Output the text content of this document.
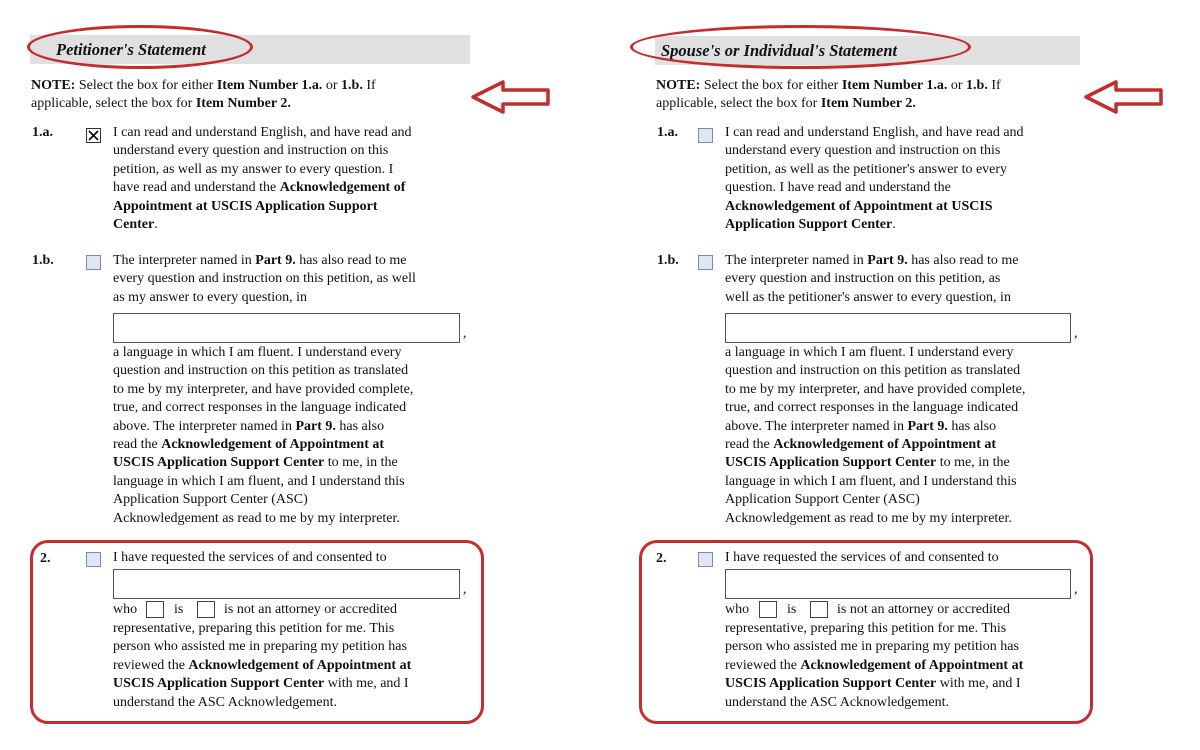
Petitioner's Statement
NOTE: Select the box for either Item Number 1.a. or 1.b. If
applicable, select the box for Item Number 2.
1.a.	I can read and understand English, and have read and
understand every question and instruction on this
petition, as well as my answer to every question. I
have read and understand the Acknowledgement of
Appointment at USCIS Application Support
Center.
1.b.	The interpreter named in Part 9. has also read to me
every question and instruction on this petition, as well
as my answer to every question, in
,
a language in which I am fluent. I understand every
question and instruction on this petition as translated
to me by my interpreter, and have provided complete,
true, and correct responses in the language indicated
above. The interpreter named in Part 9. has also
read the Acknowledgement of Appointment at
USCIS Application Support Center to me, in the
language in which I am fluent, and I understand this
Application Support Center (ASC)
Acknowledgement as read to me by my interpreter.
2.	I have requested the services of and consented to
,
who	is	is not an attorney or accredited
representative, preparing this petition for me. This
person who assisted me in preparing my petition has
reviewed the Acknowledgement of Appointment at
USCIS Application Support Center with me, and I
understand the ASC Acknowledgement.
Spouse's or Individual's Statement
NOTE: Select the box for either Item Number 1.a. or 1.b. If
applicable, select the box for Item Number 2.
1.a.	I can read and understand English, and have read and
understand every question and instruction on this
petition, as well as the petitioner's answer to every
question. I have read and understand the
Acknowledgement of Appointment at USCIS
Application Support Center.
1.b.	The interpreter named in Part 9. has also read to me
every question and instruction on this petition, as
well as the petitioner's answer to every question, in
,
a language in which I am fluent. I understand every
question and instruction on this petition as translated
to me by my interpreter, and have provided complete,
true, and correct responses in the language indicated
above. The interpreter named in Part 9. has also
read the Acknowledgement of Appointment at
USCIS Application Support Center to me, in the
language in which I am fluent, and I understand this
Application Support Center (ASC)
Acknowledgement as read to me by my interpreter.
2.	I have requested the services of and consented to
,
who	is	is not an attorney or accredited
representative, preparing this petition for me. This
person who assisted me in preparing my petition has
reviewed the Acknowledgement of Appointment at
USCIS Application Support Center with me, and I
understand the ASC Acknowledgement.
